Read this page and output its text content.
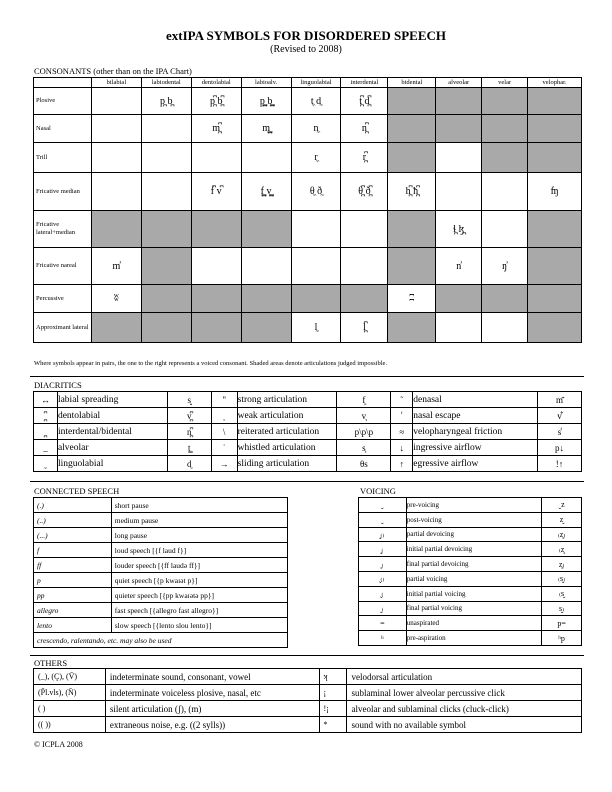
extIPA SYMBOLS FOR DISORDERED SPEECH
(Revised to 2008)
CONSONANTS (other than on the IPA Chart)
	bilabial	labiodental	dentolabial	labioalv.	linguolabial	interdental	bidental	alveolar	velar	velophar.
Plosive		p̪ b̪	p̪͆ b̪͆	p̪͇ b̪͇	t̼ d̼	t̪͆ d̪͆				
Nasal			m̪͆	m̪͇	n̼	n̪͆				
Trill					r̼	r̪͆				
Fricative median			f͆ v͆	f̪͇ v̪͇	θ̼ ð̼	θ̪͆ ð̪͆	h̪͆ ħ̪͆			ʩ
Fricative lateral+median								ɬ̪ ɮ̪		
Fricative nareal	m̾							n̾	ŋ̾	
Percussive	ʬ						ʭ			
Approximant lateral					l̼	l̪͆				
Where symbols appear in pairs, the one to the right represents a voiced consonant. Shaded areas denote articulations judged impossible.
DIACRITICS
↔	labial spreading	s͍	"	strong articulation	f͈	˜	denasal	m͊
	dentolabial	v̪͆	˯	weak articulation	v͉		nasal escape	v͋
	interdental/bidental	n̪͆	\	reiterated articulation	p\p\p	≈	velopharyngeal friction	s̾
_	alveolar	t͇	˙	whistled articulation	s͎	↓	ingressive airflow	p↓
	linguolabial	d̼	→	sliding articulation	θs	↑	egressive airflow	!↑
CONNECTED SPEECH
(.)	short pause
(..)	medium pause
(...)	long pause
f	loud speech [{f laud f}]
ff	louder speech [{ff laudə ff}]
p	quiet speech [{p kwaɪət p}]
pp	quieter speech [{pp kwaɪətə pp}]
allegro	fast speech [{allegro fast allegro}]
lento	slow speech [{lento slou lento}]
crescendo, ralentando, etc. may also be used	
VOICING
ˬ	pre-voicing	ˬz
	post-voicing	z̬
₍̥₎	partial devoicing	₍z̥₎
₍̥	initial partial devoicing	₍z̥
̥₎	final partial devoicing	z̥₎
₍̬₎	partial voicing	₍s̬₎
₍̬	initial partial voicing	₍s̬
̬₎	final partial voicing	s̬₎
=	unaspirated	p=
ʰ	pre-aspiration	ʰp
OTHERS
(_), (Ç), (V̄)	indeterminate sound, consonant, vowel	ʞ	velodorsal articulation
(P̄l.vls), (N̄)	indeterminate voiceless plosive, nasal, etc	¡	sublaminal lower alveolar percussive click
( )	silent articulation (ʃ), (m)	!¡	alveolar and sublaminal clicks (cluck-click)
(( ))	extraneous noise, e.g. ((2 sylls))	*	sound with no available symbol
© ICPLA 2008
